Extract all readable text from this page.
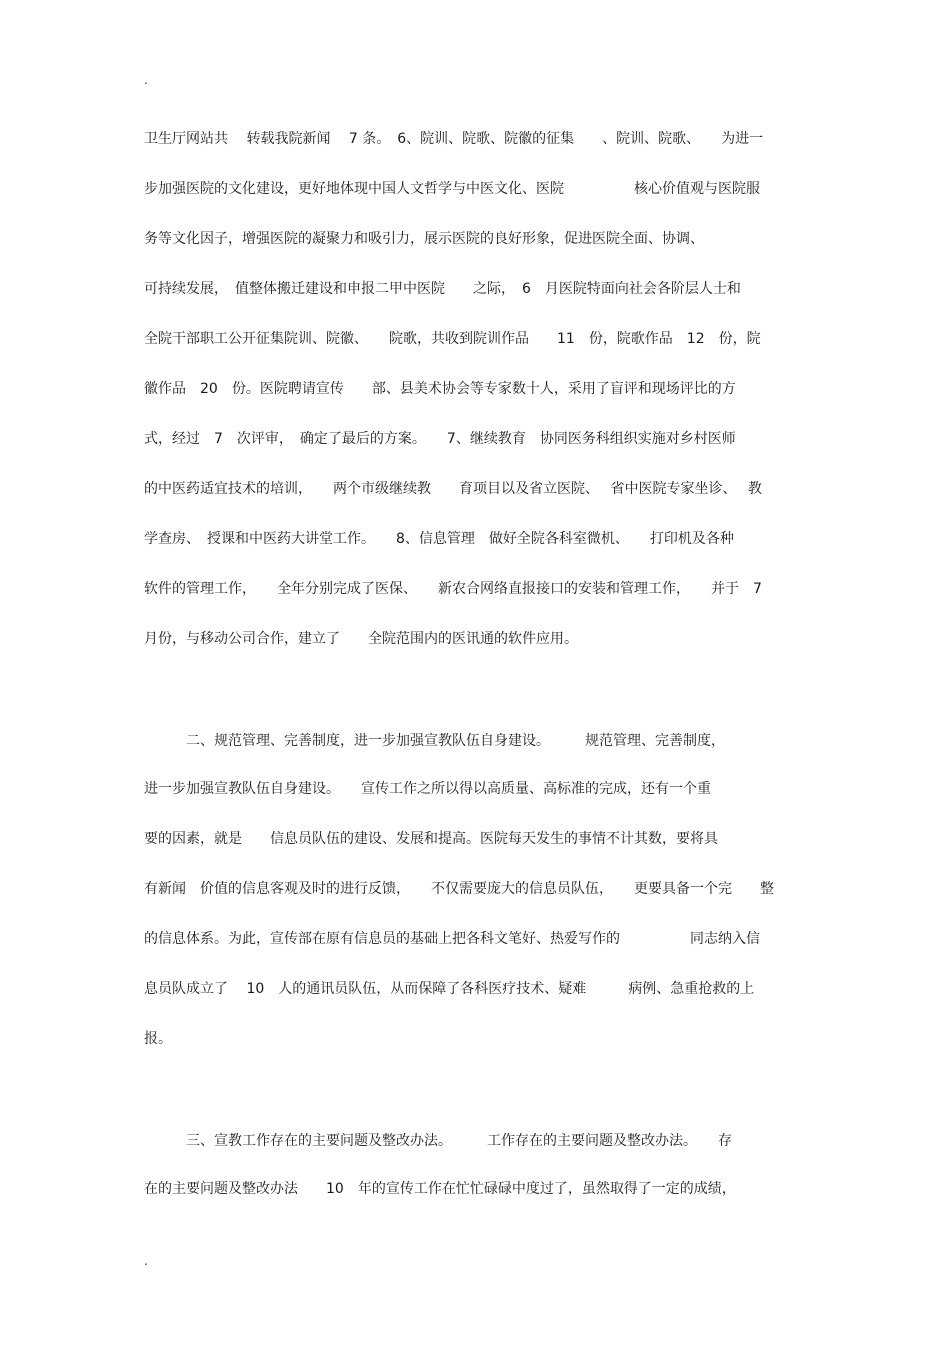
.
卫生厅网站共　 转载我院新闻　 7 条。　6、院训、院歌、院徽的征集　　、院训、院歌、　　为进一
步加强医院的文化建设，更好地体现中国人文哲学与中医文化、医院　　　　　核心价值观与医院服
务等文化因子，增强医院的凝聚力和吸引力，展示医院的良好形象，促进医院全面、协调、
可持续发展，　值整体搬迁建设和申报二甲中医院　　之际，　6　月医院特面向社会各阶层人士和
全院干部职工公开征集院训、院徽、　　院歌，共收到院训作品　　11　份，院歌作品　12　份，院
徽作品　20　份。医院聘请宣传　　部、县美术协会等专家数十人，采用了盲评和现场评比的方
式，经过　7　次评审，　确定了最后的方案。　　7、继续教育　协同医务科组织实施对乡村医师
的中医药适宜技术的培训，　　两个市级继续教　　育项目以及省立医院、　 省中医院专家坐诊、　 教
学查房、　授课和中医药大讲堂工作。　　8、信息管理　做好全院各科室微机、　　打印机及各种
软件的管理工作，　　全年分别完成了医保、　　新农合网络直报接口的安装和管理工作，　　并于　7
月份，与移动公司合作，建立了　　全院范围内的医讯通的软件应用。
　　　二、规范管理、完善制度，进一步加强宣教队伍自身建设。　　　规范管理、完善制度，
进一步加强宣教队伍自身建设。　　宣传工作之所以得以高质量、高标准的完成，还有一个重
要的因素，就是　　信息员队伍的建设、发展和提高。医院每天发生的事情不计其数，要将具
有新闻　价值的信息客观及时的进行反馈，　　不仅需要庞大的信息员队伍，　　更要具备一个完　　整
的信息体系。为此，宣传部在原有信息员的基础上把各科文笔好、热爱写作的　　　　　同志纳入信
息员队成立了　 10　人的通讯员队伍，从而保障了各科医疗技术、疑难　　　病例、急重抢救的上
报。
　　　三、宣教工作存在的主要问题及整改办法。　　　工作存在的主要问题及整改办法。　　存
在的主要问题及整改办法　　10　年的宣传工作在忙忙碌碌中度过了，虽然取得了一定的成绩，
.
